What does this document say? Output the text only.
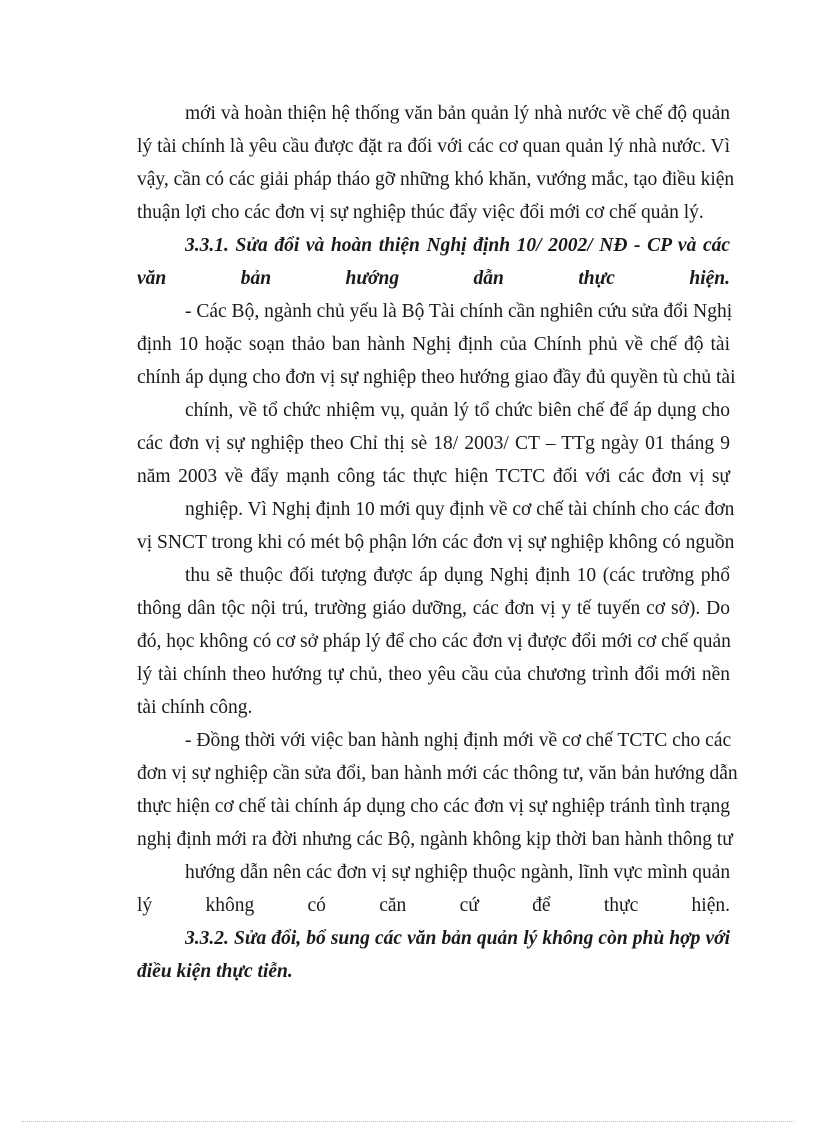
mới và hoàn thiện hệ thống văn bản quản lý nhà nước về chế độ quản

lý tài chính là yêu cầu được đặt ra đối với các cơ quan quản lý nhà nước. Vì

vậy, cần có các giải pháp tháo gỡ những khó khăn, vướng mắc, tạo điều kiện

thuận lợi cho các đơn vị sự nghiệp thúc đẩy việc đổi mới cơ chế quản lý.

3.3.1. Sửa đổi và hoàn thiện Nghị định 10/ 2002/ NĐ - CP và các

văn bản hướng dẫn thực hiện.

- Các Bộ, ngành chủ yếu là Bộ Tài chính cần nghiên cứu sửa đổi Nghị

định 10 hoặc soạn thảo ban hành Nghị định của Chính phủ về chế độ tài

chính áp dụng cho đơn vị sự nghiệp theo hướng giao đầy đủ quyền tù chủ tài

chính, về tổ chức nhiệm vụ, quản lý tổ chức biên chế để áp dụng cho

các đơn vị sự nghiệp theo Chỉ thị sè 18/ 2003/ CT – TTg ngày 01 tháng 9

năm 2003 về đẩy mạnh công tác thực hiện TCTC đối với các đơn vị sự

nghiệp. Vì Nghị định 10 mới quy định về cơ chế tài chính cho các đơn

vị SNCT trong khi có mét bộ phận lớn các đơn vị sự nghiệp không có nguồn

thu sẽ thuộc đối tượng được áp dụng Nghị định 10 (các trường phổ

thông dân tộc nội trú, trường giáo dưỡng, các đơn vị y tế tuyến cơ sở). Do

đó, học không có cơ sở pháp lý để cho các đơn vị được đổi mới cơ chế quản

lý tài chính theo hướng tự chủ, theo yêu cầu của chương trình đổi mới nền

tài chính công.

- Đồng thời với việc ban hành nghị định mới về cơ chế TCTC cho các

đơn vị sự nghiệp cần sửa đổi, ban hành mới các thông tư, văn bản hướng dẫn

thực hiện cơ chế tài chính áp dụng cho các đơn vị sự nghiệp tránh tình trạng

nghị định mới ra đời nhưng các Bộ, ngành không kịp thời ban hành thông tư

hướng dẫn nên các đơn vị sự nghiệp thuộc ngành, lĩnh vực mình quản

lý không có căn cứ để thực hiện.

3.3.2. Sửa đổi, bổ sung các văn bản quản lý không còn phù hợp với

điều kiện thực tiễn.
